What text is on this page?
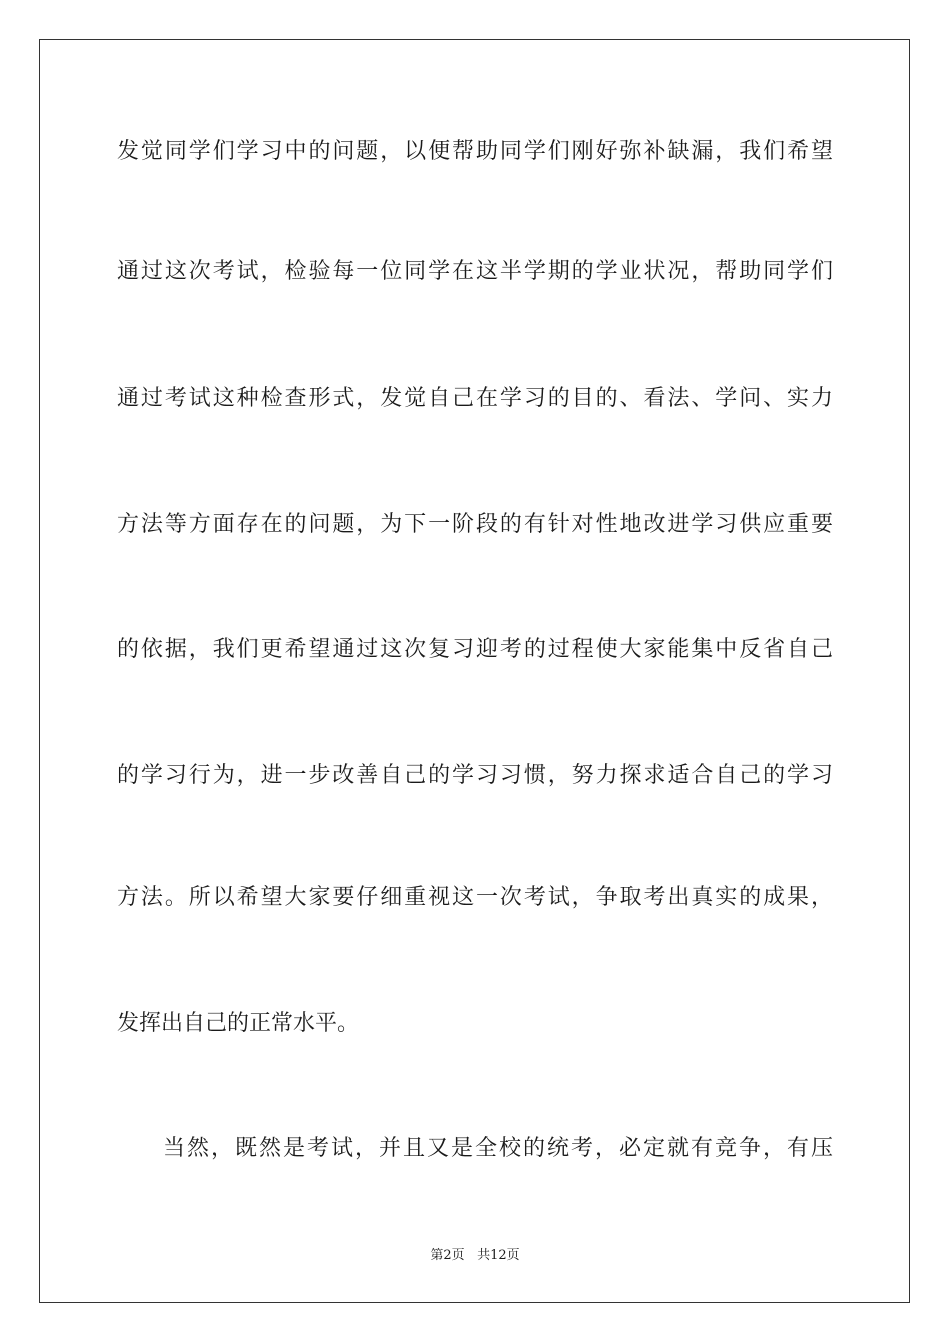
发觉同学们学习中的问题，以便帮助同学们刚好弥补缺漏，我们希望
通过这次考试，检验每一位同学在这半学期的学业状况，帮助同学们
通过考试这种检查形式，发觉自己在学习的目的、看法、学问、实力
方法等方面存在的问题，为下一阶段的有针对性地改进学习供应重要
的依据，我们更希望通过这次复习迎考的过程使大家能集中反省自己
的学习行为，进一步改善自己的学习习惯，努力探求适合自己的学习
方法。所以希望大家要仔细重视这一次考试，争取考出真实的成果，
发挥出自己的正常水平。
当然，既然是考试，并且又是全校的统考，必定就有竞争，有压
第2页 共12页
